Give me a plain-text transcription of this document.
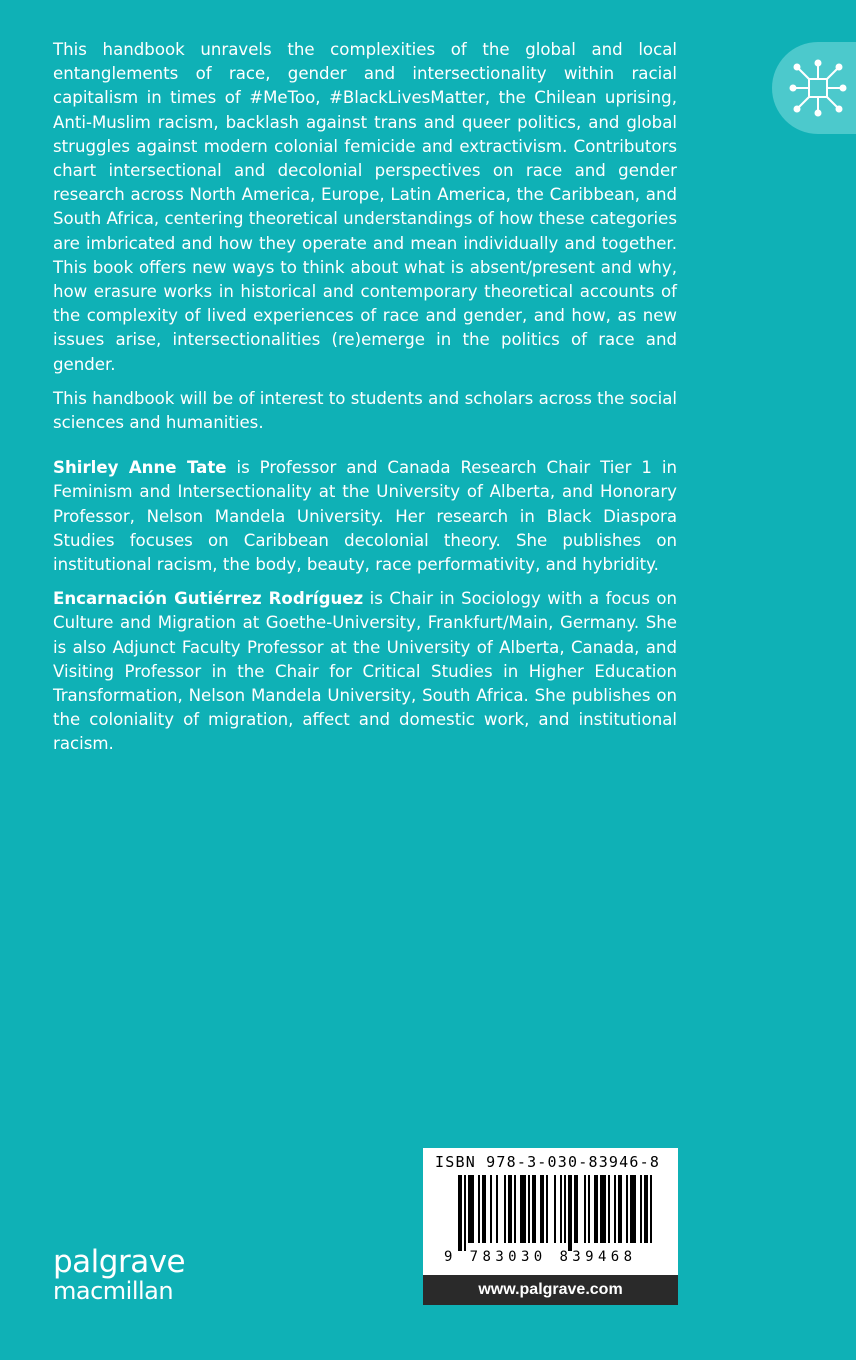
This handbook unravels the complexities of the global and local entanglements of race, gender and intersectionality within racial capitalism in times of #MeToo, #BlackLivesMatter, the Chilean uprising, Anti-Muslim racism, backlash against trans and queer politics, and global struggles against modern colonial femicide and extractivism. Contributors chart intersectional and decolonial perspectives on race and gender research across North America, Europe, Latin America, the Caribbean, and South Africa, centering theoretical understandings of how these categories are imbricated and how they operate and mean individually and together. This book offers new ways to think about what is absent/present and why, how erasure works in historical and contemporary theoretical accounts of the complexity of lived experiences of race and gender, and how, as new issues arise, intersectionalities (re)emerge in the politics of race and gender.

This handbook will be of interest to students and scholars across the social sciences and humanities.

Shirley Anne Tate is Professor and Canada Research Chair Tier 1 in Feminism and Intersectionality at the University of Alberta, and Honorary Professor, Nelson Mandela University. Her research in Black Diaspora Studies focuses on Caribbean decolonial theory. She publishes on institutional racism, the body, beauty, race performativity, and hybridity.

Encarnación Gutiérrez Rodríguez is Chair in Sociology with a focus on Culture and Migration at Goethe-University, Frankfurt/Main, Germany. She is also Adjunct Faculty Professor at the University of Alberta, Canada, and Visiting Professor in the Chair for Critical Studies in Higher Education Transformation, Nelson Mandela University, South Africa. She publishes on the coloniality of migration, affect and domestic work, and institutional racism.

palgrave
macmillan
ISBN 978-3-030-83946-8
9 783030 839468
www.palgrave.com
